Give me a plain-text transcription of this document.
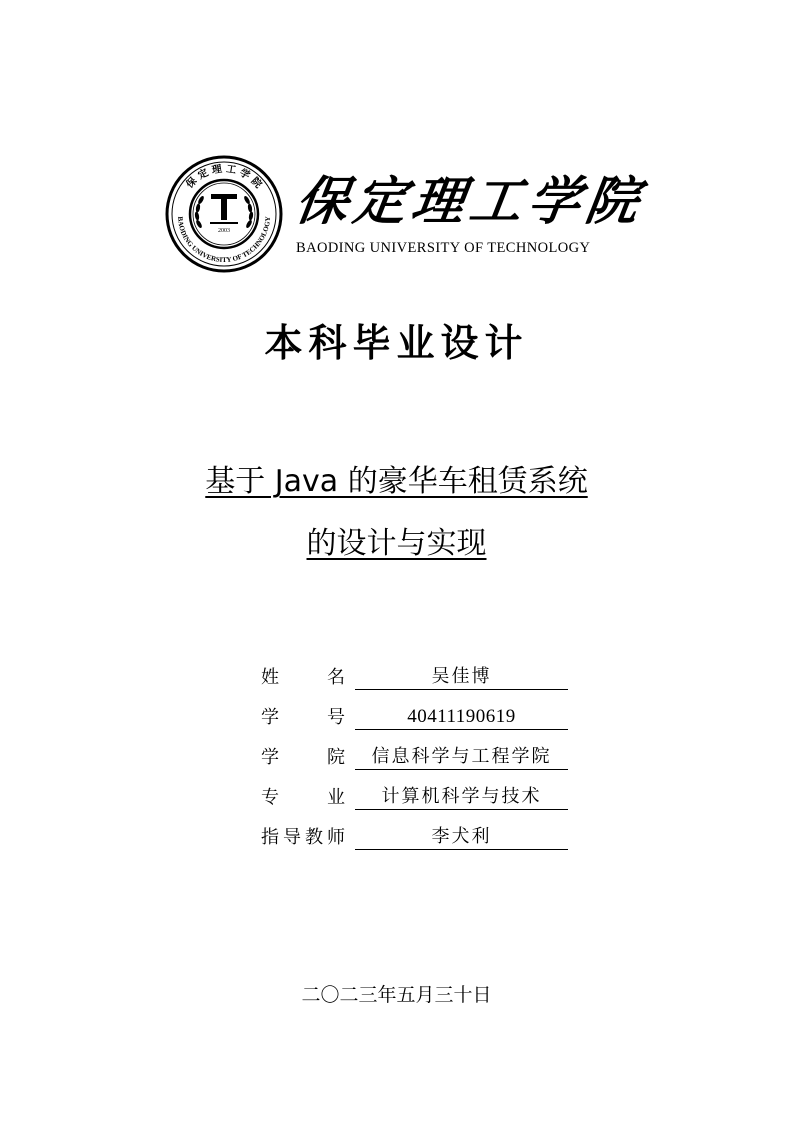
保 定 理 工 学 院
BAODING UNIVERSITY OF TECHNOLOGY
2003 保定理工学院
BAODING UNIVERSITY OF TECHNOLOGY
本科毕业设计
基于 Java 的豪华车租赁系统
的设计与实现
姓	名	吴佳博
学	号	40411190619
学	院	信息科学与工程学院
专	业	计算机科学与技术
指 导 教 师	李犬利
二〇二三年五月三十日
